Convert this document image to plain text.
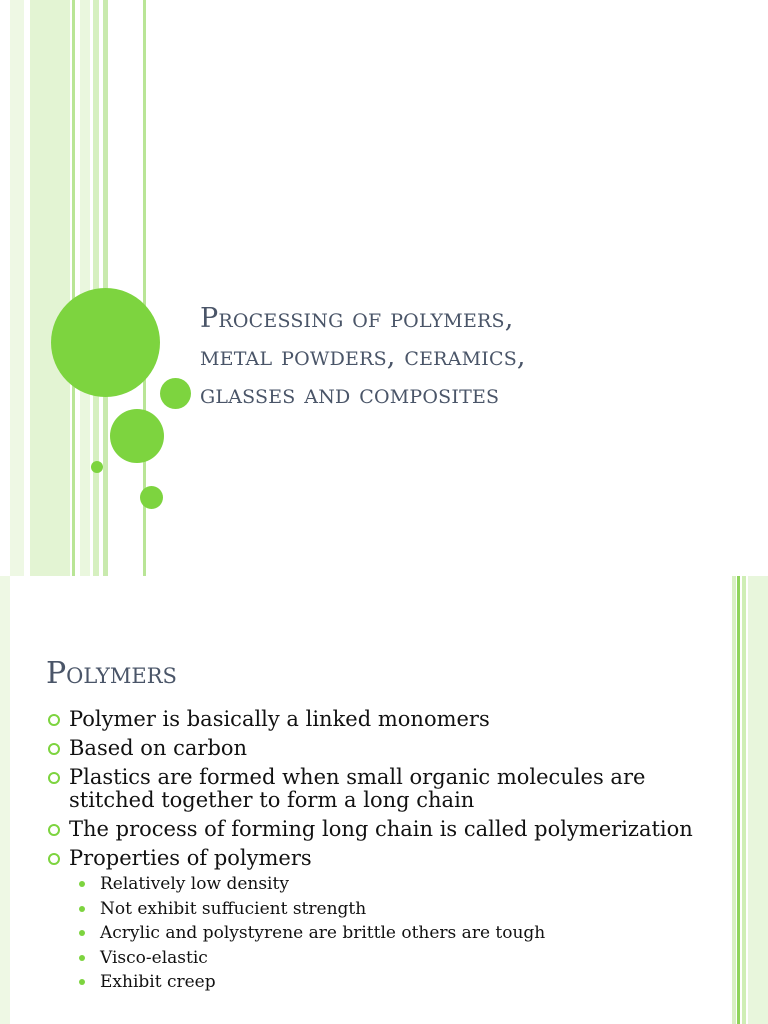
Processing of polymers,
metal powders, ceramics,
glasses and composites
Polymers
Polymer is basically a linked monomers
Based on carbon
Plastics are formed when small organic molecules are stitched together to form a long chain
The process of forming long chain is called polymerization
Properties of polymers
Relatively low density
Not exhibit suffucient strength
Acrylic and polystyrene are brittle others are tough
Visco-elastic
Exhibit creep
